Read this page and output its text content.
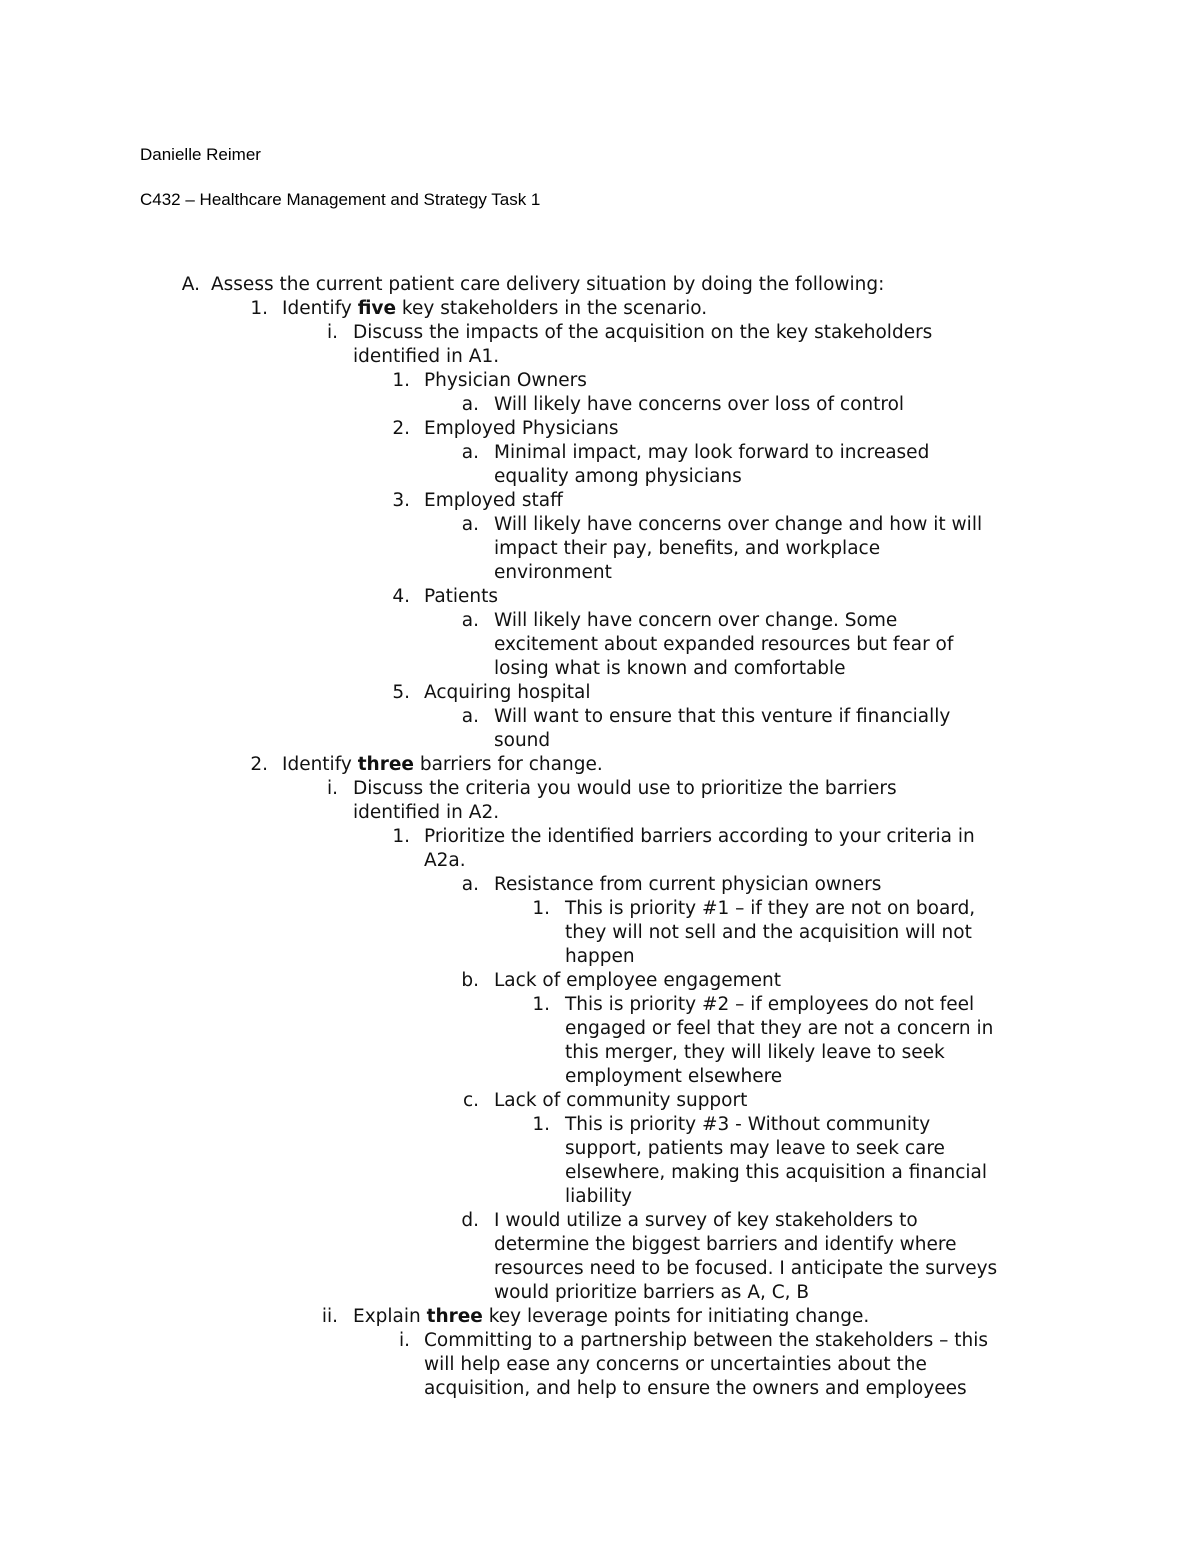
Danielle Reimer
C432 – Healthcare Management and Strategy Task 1
A. Assess the current patient care delivery situation by doing the following:
1. Identify five key stakeholders in the scenario.
i. Discuss the impacts of the acquisition on the key stakeholders
identified in A1.
1. Physician Owners
a. Will likely have concerns over loss of control
2. Employed Physicians
a. Minimal impact, may look forward to increased
equality among physicians
3. Employed staff
a. Will likely have concerns over change and how it will
impact their pay, benefits, and workplace
environment
4. Patients
a. Will likely have concern over change. Some
excitement about expanded resources but fear of
losing what is known and comfortable
5. Acquiring hospital
a. Will want to ensure that this venture if financially
sound
2. Identify three barriers for change.
i. Discuss the criteria you would use to prioritize the barriers
identified in A2.
1. Prioritize the identified barriers according to your criteria in
A2a.
a. Resistance from current physician owners
1. This is priority #1 – if they are not on board,
they will not sell and the acquisition will not
happen
b. Lack of employee engagement
1. This is priority #2 – if employees do not feel
engaged or feel that they are not a concern in
this merger, they will likely leave to seek
employment elsewhere
c. Lack of community support
1. This is priority #3 - Without community
support, patients may leave to seek care
elsewhere, making this acquisition a financial
liability
d. I would utilize a survey of key stakeholders to
determine the biggest barriers and identify where
resources need to be focused. I anticipate the surveys
would prioritize barriers as A, C, B
ii. Explain three key leverage points for initiating change.
i. Committing to a partnership between the stakeholders – this
will help ease any concerns or uncertainties about the
acquisition, and help to ensure the owners and employees
